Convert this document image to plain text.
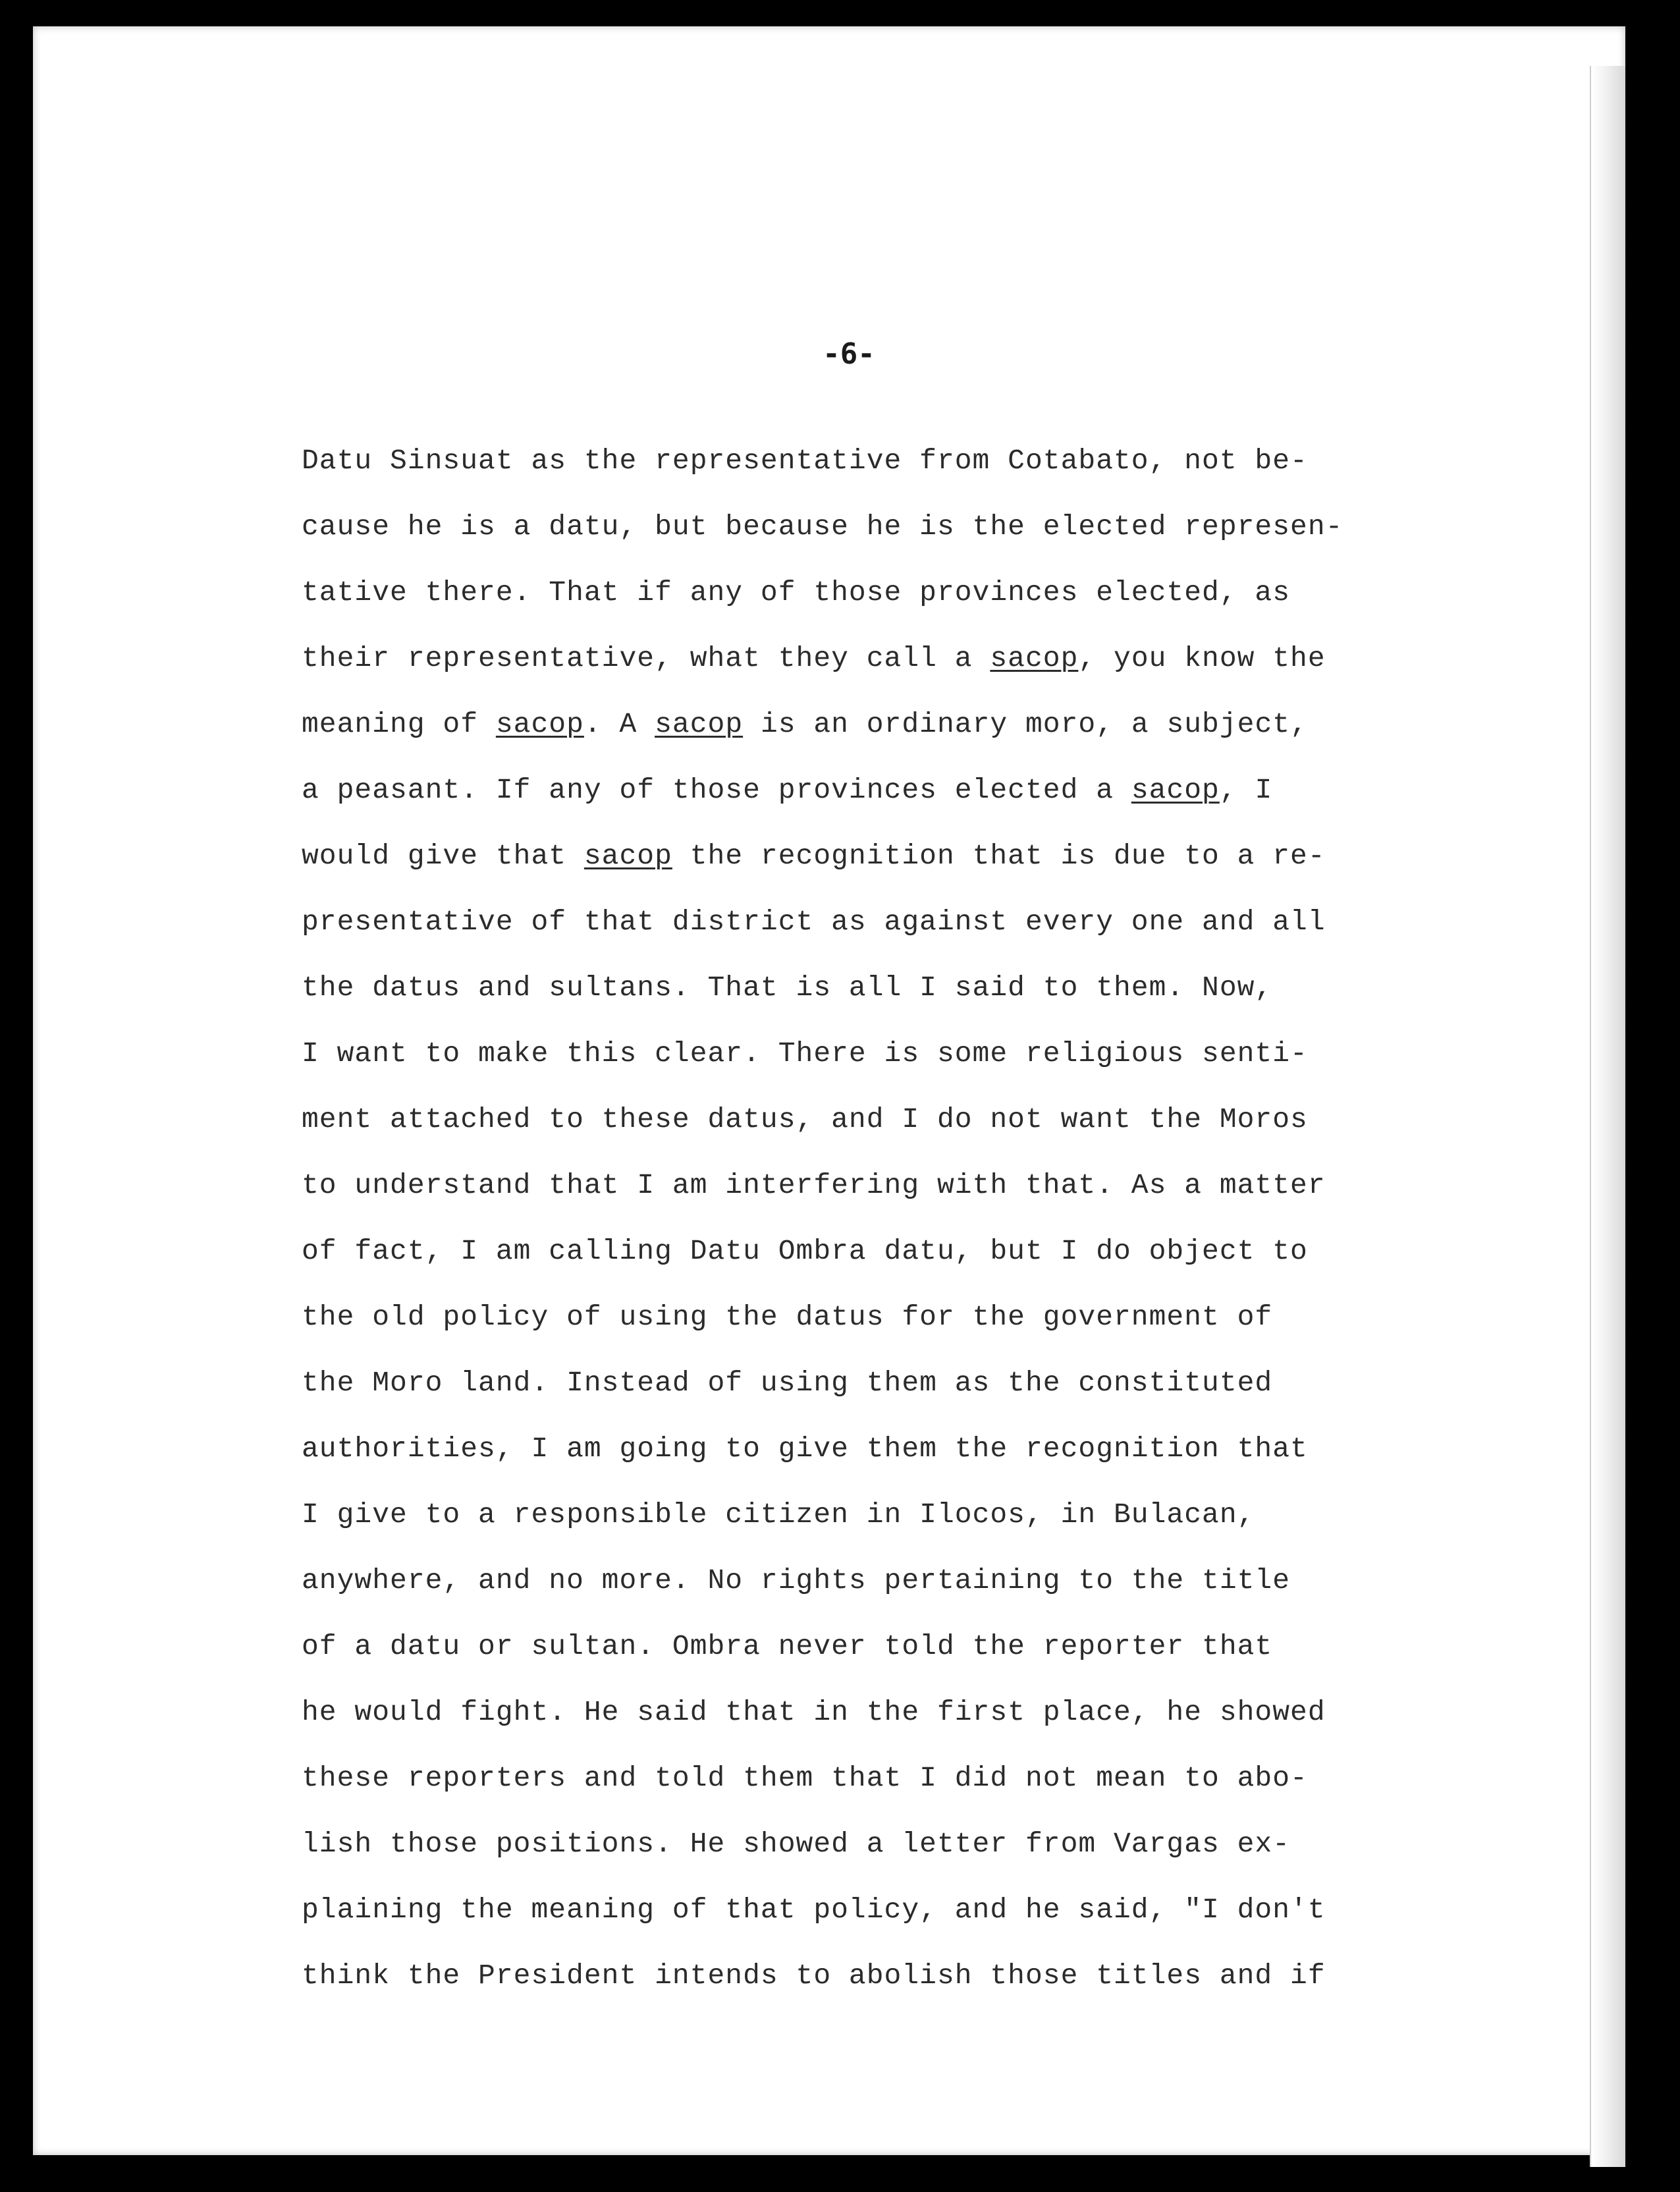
-6-
Datu Sinsuat as the representative from Cotabato, not be-
cause he is a datu, but because he is the elected represen-
tative there. That if any of those provinces elected, as
their representative, what they call a sacop, you know the
meaning of sacop. A sacop is an ordinary moro, a subject,
a peasant. If any of those provinces elected a sacop, I
would give that sacop the recognition that is due to a re-
presentative of that district as against every one and all
the datus and sultans. That is all I said to them. Now,
I want to make this clear. There is some religious senti-
ment attached to these datus, and I do not want the Moros
to understand that I am interfering with that. As a matter
of fact, I am calling Datu Ombra datu, but I do object to
the old policy of using the datus for the government of
the Moro land. Instead of using them as the constituted
authorities, I am going to give them the recognition that
I give to a responsible citizen in Ilocos, in Bulacan,
anywhere, and no more. No rights pertaining to the title
of a datu or sultan. Ombra never told the reporter that
he would fight. He said that in the first place, he showed
these reporters and told them that I did not mean to abo-
lish those positions. He showed a letter from Vargas ex-
plaining the meaning of that policy, and he said, "I don't
think the President intends to abolish those titles and if
